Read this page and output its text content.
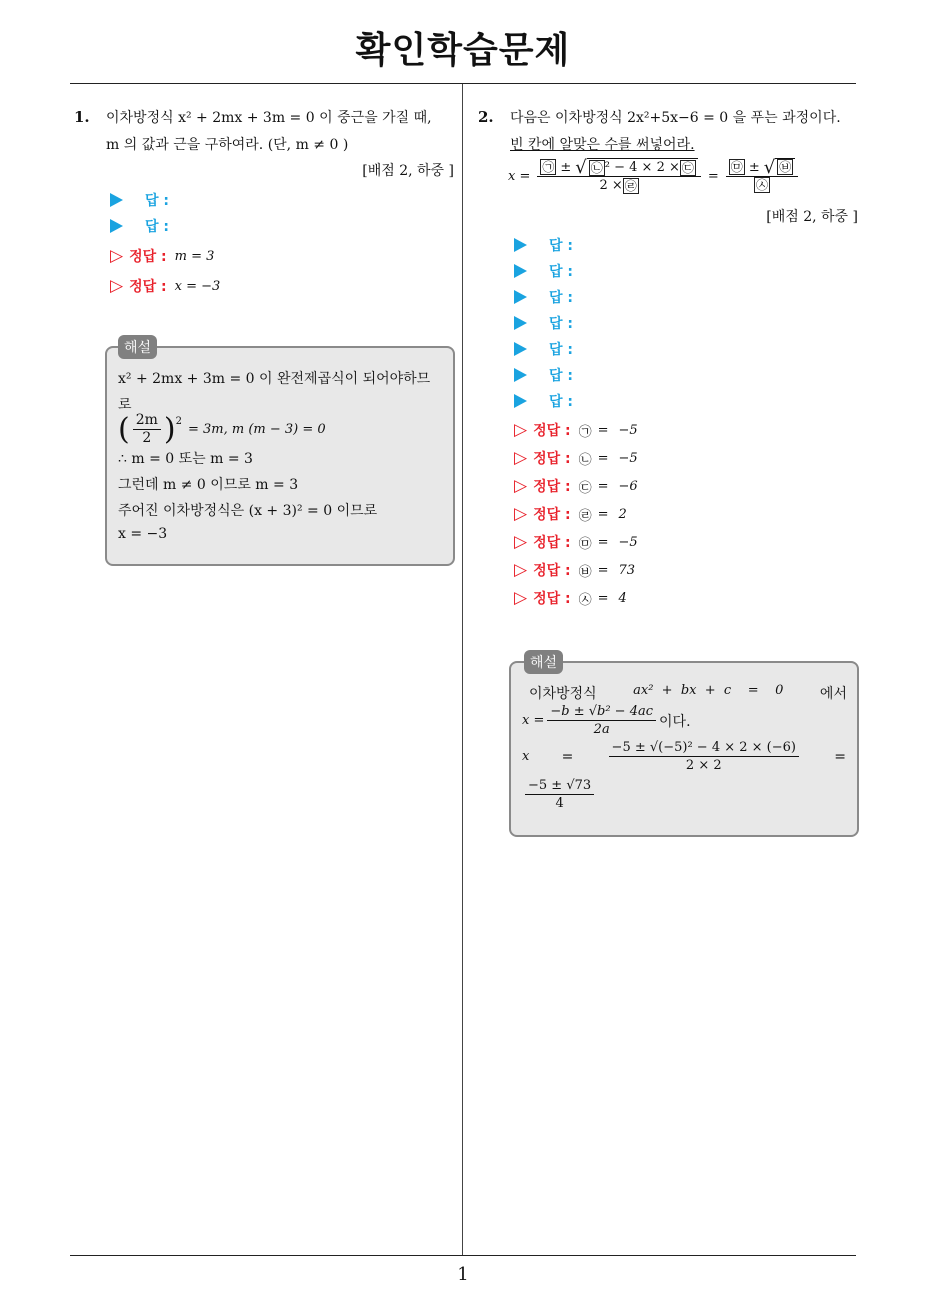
확인학습문제
1
1. 이차방정식 x² + 2mx + 3m = 0 이 중근을 가질 때,
m 의 값과 근을 구하여라. (단, m ≠ 0 )
[배점 2, 하중 ]
답 :
답 :
▷ 정답 : m = 3
▷ 정답 : x = −3
x² + 2mx + 3m = 0 이 완전제곱식이 되어야하므
로
( $\frac{2m}{2} )^2$
= 3m, m (m − 3) = 0
∴ m = 0 또는 m = 3
그런데 m ≠ 0 이므로 m = 3
주어진 이차방정식은 (x + 3)² = 0 이므로
x = −3
해설
2. 다음은 이차방정식 2x²+5x−6 = 0 을 푸는 과정이다.
빈 칸에 알맞은 수를 써넣어라.
x =
㉠ ± √ ㉡ ² − 4 × 2 × ㉢
2 × ㉣
= $\frac{㉤ \pm √ ㉥}{㉦}$
[배점 2, 하중 ]
답 :
답 :
답 :
답 :
답 :
답 :
답 :
▷ 정답 : ㉠ = −5
▷ 정답 : ㉡ = −5
▷ 정답 : ㉢ = −6
▷ 정답 : ㉣ = 2
▷ 정답 : ㉤ = −5
▷ 정답 : ㉥ = 73
▷ 정답 : ㉦ = 4
이차방정식	ax²  +  bx  +  c    =    0	에서
$x = \frac{\text{−b ± √b² − 4ac}}{2a}$ 이다.
x =	$\frac{\text{−5 ± √(−5)² − 4 × 2 × (−6)}}{2 \times 2}$	=
$\frac{-5 \pm √73}{4}$
해설
